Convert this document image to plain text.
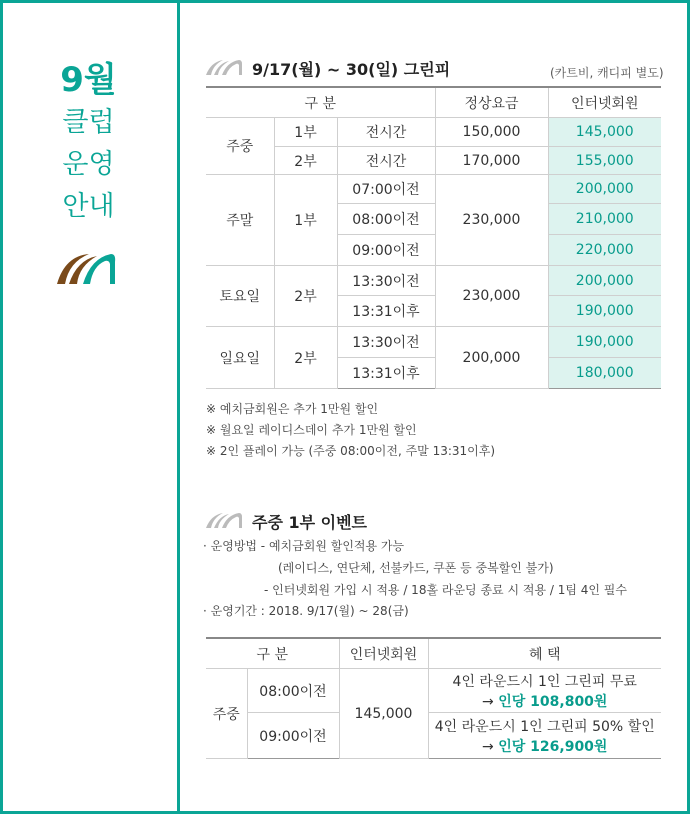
9월
클럽
운영
안내
9/17(월) ~ 30(일) 그린피	(카트비, 캐디피 별도)
구 분			정상요금	인터넷회원
주중	1부	전시간	150,000	145,000
	2부	전시간	170,000	155,000
주말	1부	07:00이전	230,000	200,000
		08:00이전		210,000
		09:00이전		220,000
토요일	2부	13:30이전	230,000	200,000
		13:31이후		190,000
일요일	2부	13:30이전	200,000	190,000
		13:31이후		180,000
※ 예치금회원은 추가 1만원 할인
※ 월요일 레이디스데이 추가 1만원 할인
※ 2인 플레이 가능 (주중 08:00이전, 주말 13:31이후)
주중 1부 이벤트
· 운영방법 - 예치금회원 할인적용 가능
(레이디스, 연단체, 선불카드, 쿠폰 등 중복할인 불가)
- 인터넷회원 가입 시 적용 / 18홀 라운딩 종료 시 적용 / 1팀 4인 필수
· 운영기간 : 2018. 9/17(월) ~ 28(금)
구 분		인터넷회원	혜 택
주중	08:00이전	145,000	4인 라운드시 1인 그린피 무료
→ 인당 108,800원

	09:00이전		4인 라운드시 1인 그린피 50% 할인
→ 인당 126,900원
